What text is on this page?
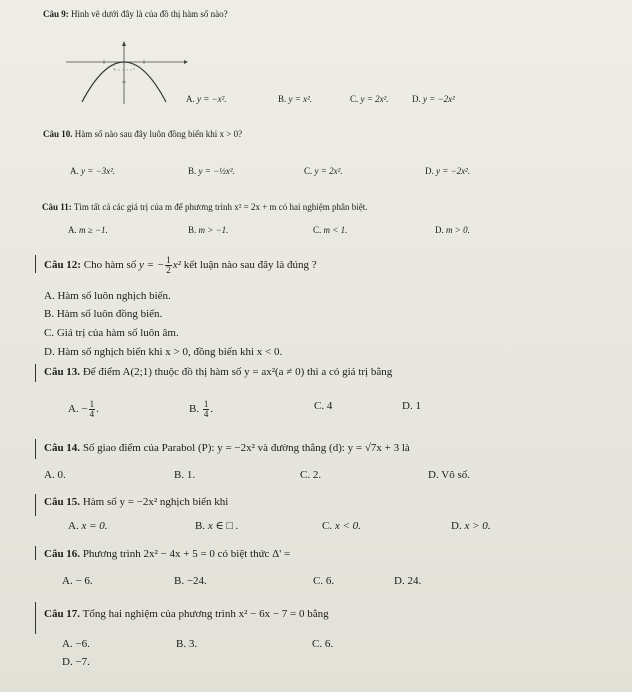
Câu 9: Hình vẽ dưới đây là của đồ thị hàm số nào?
A. y = −x².	B. y = x².	C. y = 2x².	D. y = −2x²
Câu 10. Hàm số nào sau đây luôn đồng biến khi x > 0?
A. y = −3x².	B. y = −½x².	C. y = 2x².	D. y = −2x².
Câu 11: Tìm tất cả các giá trị của m để phương trình x² = 2x + m có hai nghiệm phân biệt.
A. m ≥ −1.	B. m > −1.	C. m < 1.	D. m > 0.
Câu 12: Cho hàm số y = − $\frac{1}{2} x^2$ kết luận nào sau đây là đúng ?
A. Hàm số luôn nghịch biến.
B. Hàm số luôn đồng biến.
C. Giá trị của hàm số luôn âm.
D. Hàm số nghịch biến khi x > 0, đồng biến khi x < 0.
Câu 13. Để điểm A(2;1) thuộc đồ thị hàm số y = ax²(a ≠ 0) thì a có giá trị bằng
A. − $\frac{1}{4}$ .	B. $\frac{1}{4}$ .	C. 4	D. 1
Câu 14. Số giao điểm của Parabol (P): y = −2x² và đường thẳng (d): y = √7x + 3 là
A. 0.	B. 1.	C. 2.	D. Vô số.
Câu 15. Hàm số y = −2x² nghịch biến khi
A. x = 0.	B. x ∈ □ .	C. x < 0.	D. x > 0.
Câu 16. Phương trình 2x² − 4x + 5 = 0 có biệt thức Δ' =
A. − 6.	B. −24.	C. 6.	D. 24.
Câu 17. Tổng hai nghiệm của phương trình x² − 6x − 7 = 0 bằng
A. −6.	B. 3.	C. 6.
D. −7.
